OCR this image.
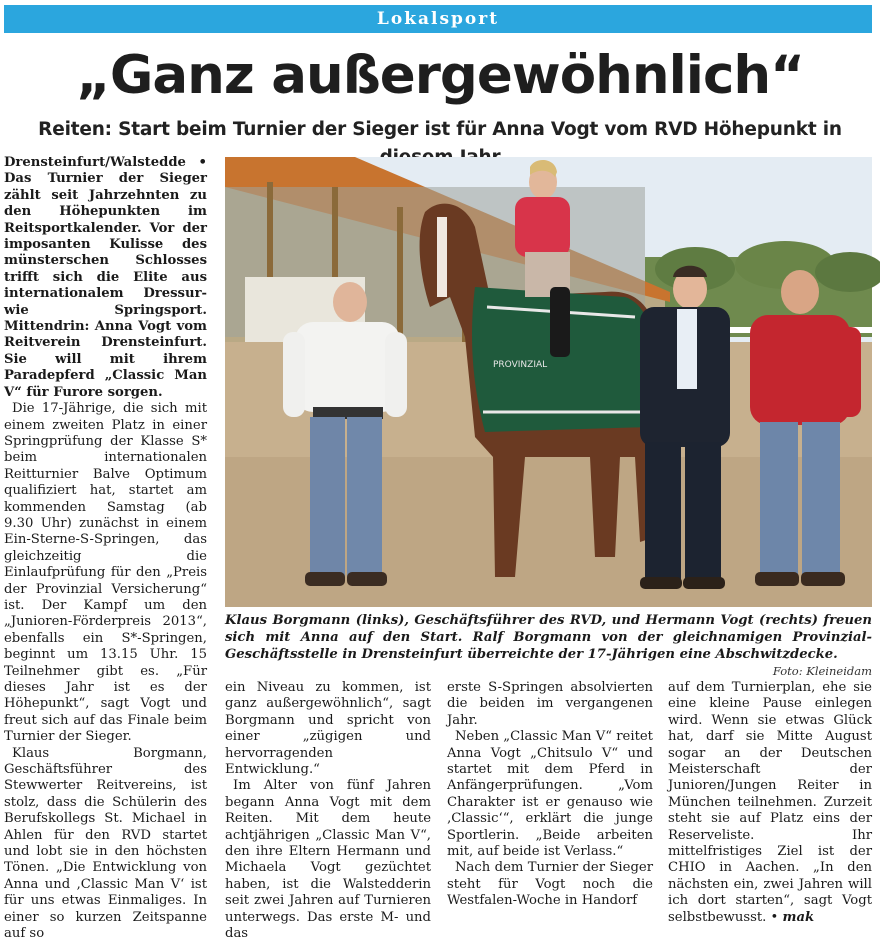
Lokalsport
„Ganz außergewöhnlich“
Reiten: Start beim Turnier der Sieger ist für Anna Vogt vom RVD Höhepunkt in

Drensteinfurt/Walstedde • Das Turnier der Sieger zählt seit Jahrzehnten zu den Höhepunkten im Reitsportkalender. Vor der imposanten Kulisse des münsterschen Schlosses trifft sich die Elite aus internationalem Dressur- wie Springsport. Mittendrin: Anna Vogt vom Reitverein Drensteinfurt. Sie will mit ihrem Paradepferd „Classic Man V“ für Furore sorgen.

Die 17-Jährige, die sich mit einem zweiten Platz in einer Springprüfung der Klasse S* beim internationalen Reitturnier Balve Optimum qualifiziert hat, startet am kommenden Samstag (ab 9.30 Uhr) zunächst in einem Ein-Sterne-S-Springen, das gleichzeitig die Einlaufprüfung für den „Preis der Provinzial Versicherung“ ist. Der Kampf um den „Junioren-Förderpreis 2013“, ebenfalls ein S*-Springen, beginnt um 13.15 Uhr. 15 Teilnehmer gibt es. „Für dieses Jahr ist es der Höhepunkt“, sagt Vogt und freut sich auf das Finale beim Turnier der Sieger.

Klaus Borgmann, Geschäftsführer des Stewwerter Reitvereins, ist stolz, dass die Schülerin des Berufskollegs St. Michael in Ahlen für den RVD startet und lobt sie in den höchsten Tönen. „Die Entwicklung von Anna und ‚Classic Man V‘ ist für uns etwas Einmaliges. In einer so kurzen Zeitspanne auf so

PROVINZIAL
Klaus Borgmann (links), Geschäftsführer des RVD, und Hermann Vogt (rechts) freuen sich mit Anna auf den Start. Ralf Borgmann von der gleichnamigen Provinzial-Geschäftsstelle in Drensteinfurt überreichte der 17-Jährigen eine Abschwitzdecke.
Foto: Kleineidam

ein Niveau zu kommen, ist ganz außergewöhnlich“, sagt Borgmann und spricht von einer „zügigen und hervorragenden Entwicklung.“

Im Alter von fünf Jahren begann Anna Vogt mit dem Reiten. Mit dem heute achtjährigen „Classic Man V“, den ihre Eltern Hermann und Michaela Vogt gezüchtet haben, ist die Walstedderin seit zwei Jahren auf Turnieren unterwegs. Das erste M- und das

erste S-Springen absolvierten die beiden im vergangenen Jahr.

Neben „Classic Man V“ reitet Anna Vogt „Chitsulo V“ und startet mit dem Pferd in Anfängerprüfungen. „Vom Charakter ist er genauso wie ‚Classic‘“, erklärt die junge Sportlerin. „Beide arbeiten mit, auf beide ist Verlass.“

Nach dem Turnier der Sieger steht für Vogt noch die Westfalen-Woche in Handorf

auf dem Turnierplan, ehe sie eine kleine Pause einlegen wird. Wenn sie etwas Glück hat, darf sie Mitte August sogar an der Deutschen Meisterschaft der Junioren/Jungen Reiter in München teilnehmen. Zurzeit steht sie auf Platz eins der Reserveliste. Ihr mittelfristiges Ziel ist der CHIO in Aachen. „In den nächsten ein, zwei Jahren will ich dort starten“, sagt Vogt selbstbewusst. • mak
